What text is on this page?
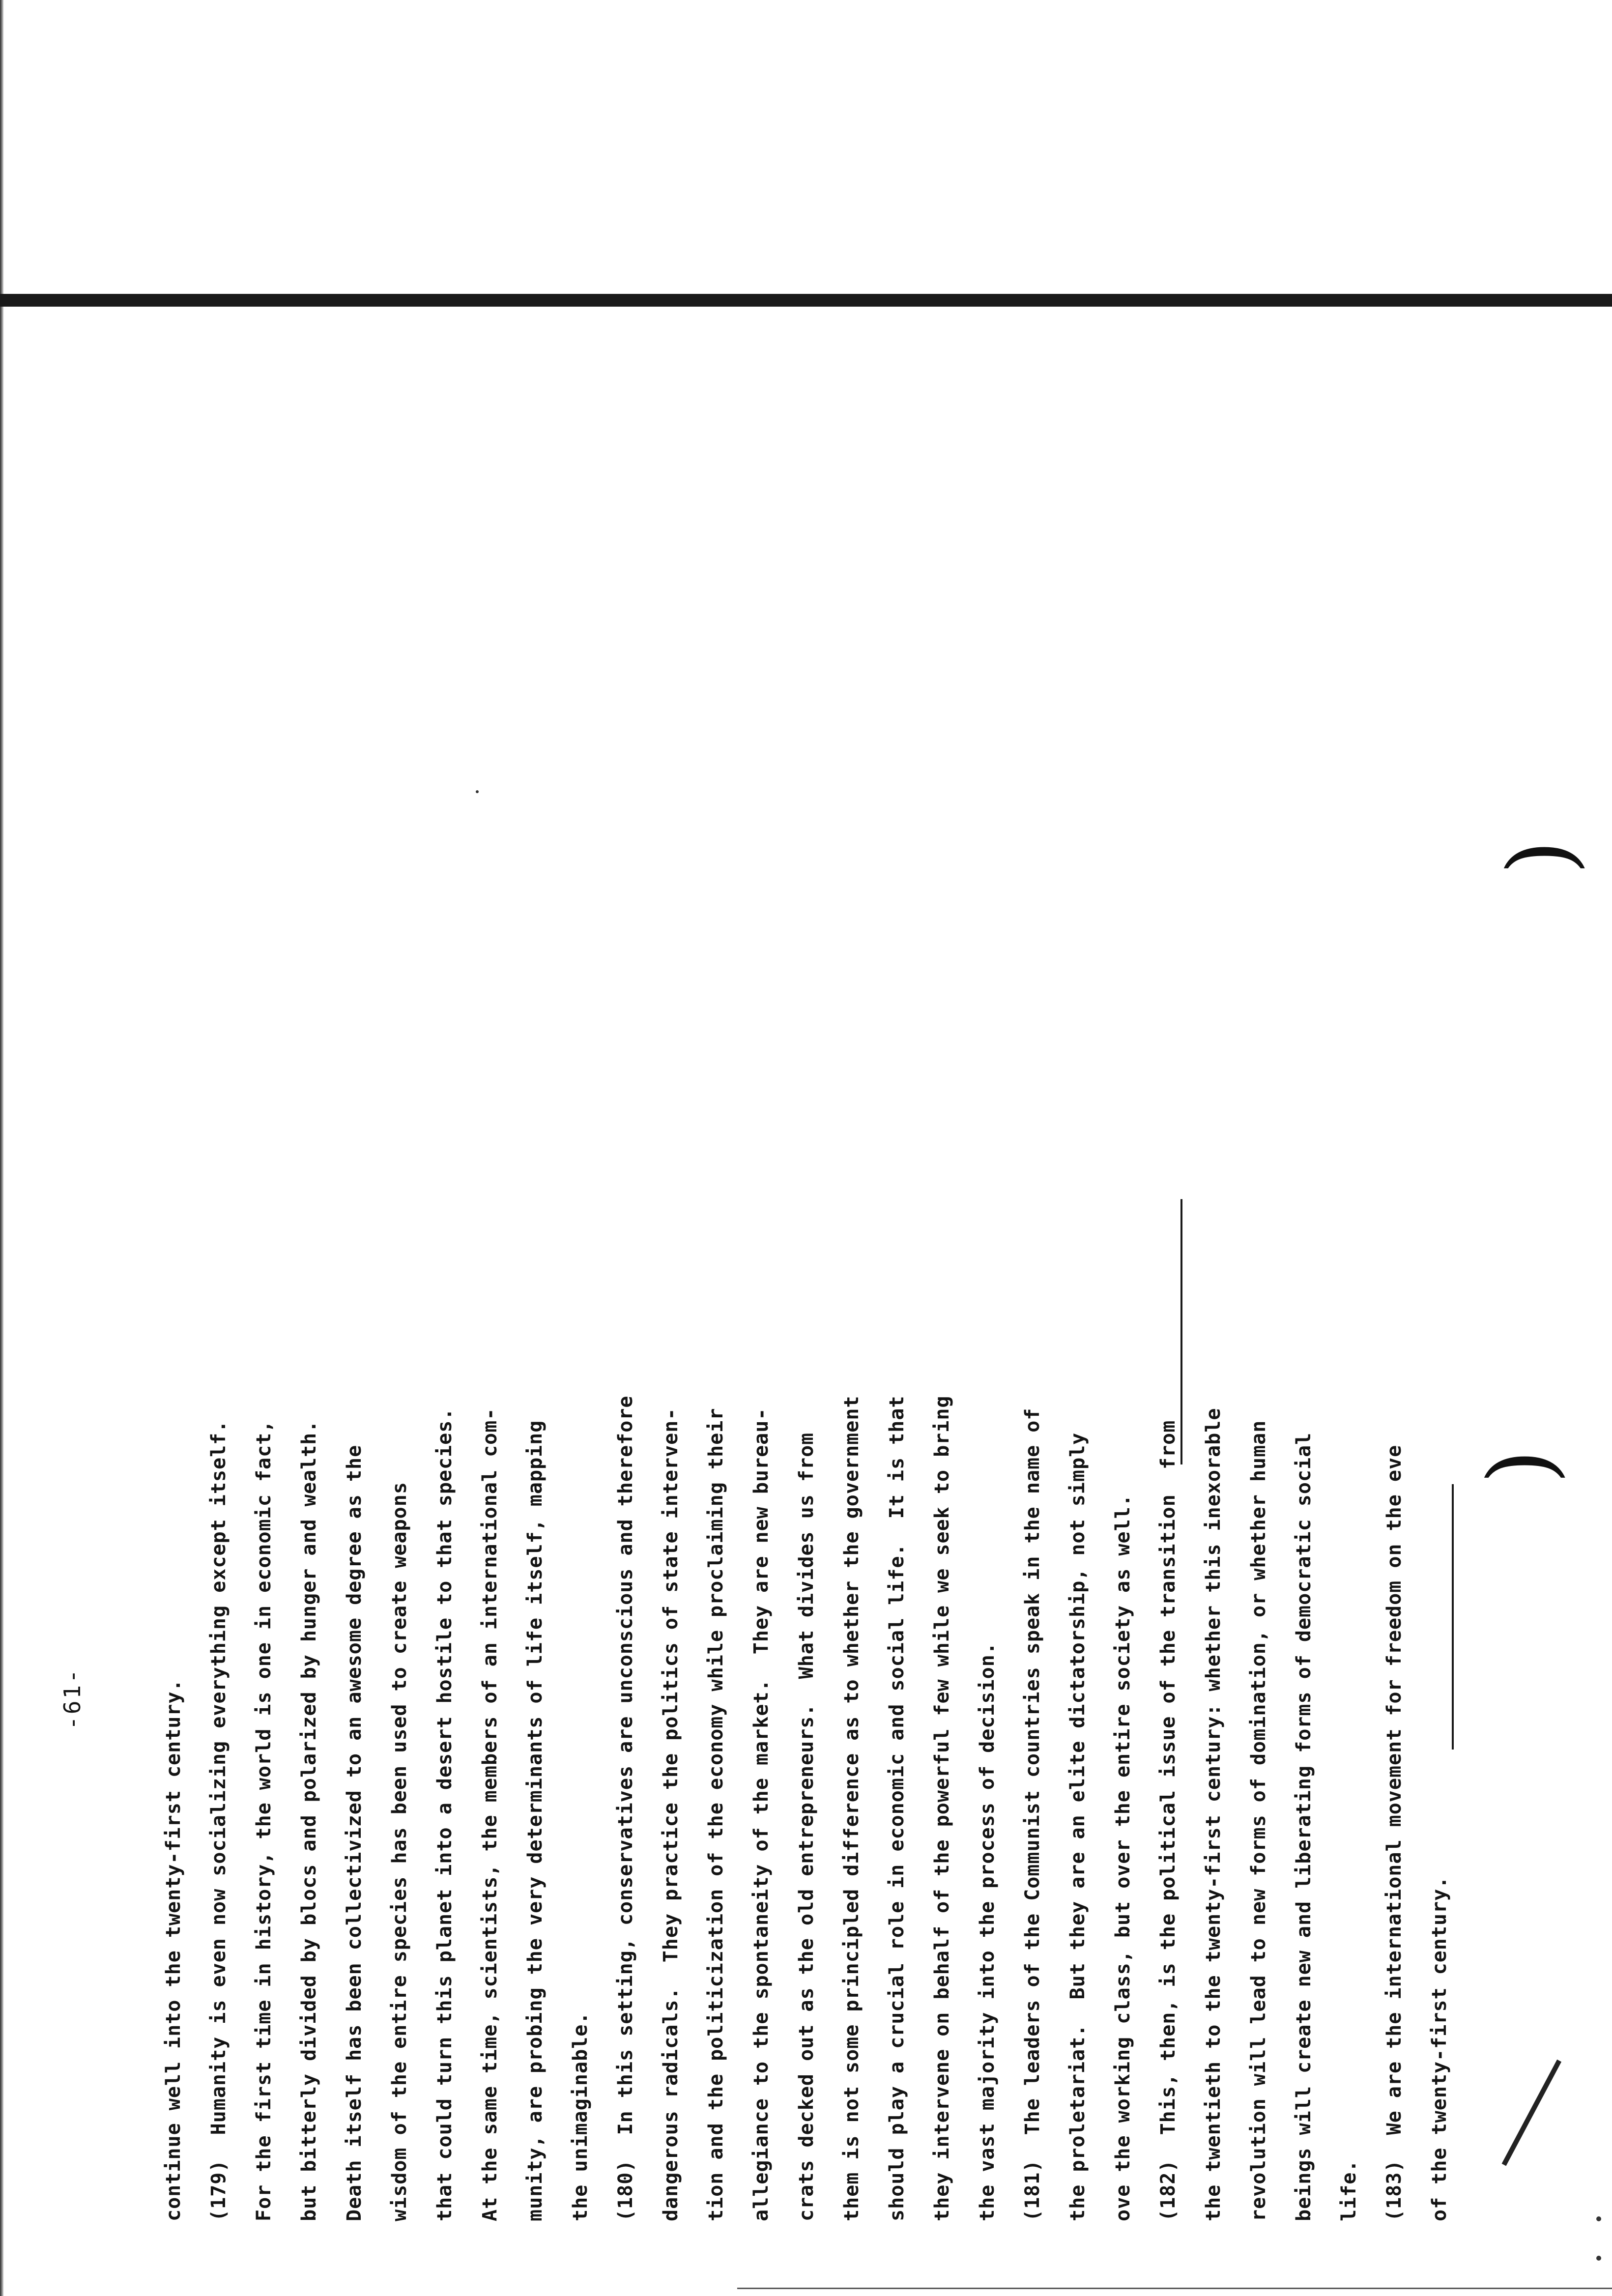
)
)
-61-	continue well into the twenty-first century. (179)  Humanity is even now socializing everything except itself. For the first time in history, the world is one in economic fact, but bitterly divided by blocs and polarized by hunger and wealth. Death itself has been collectivized to an awesome degree as the wisdom of the entire species has been used to create weapons that could turn this planet into a desert hostile to that species. At the same time, scientists, the members of an international com- munity, are probing the very determinants of life itself, mapping the unimaginable. (180)  In this setting, conservatives are unconscious and therefore dangerous radicals.  They practice the politics of state interven- tion and the politicization of the economy while proclaiming their allegiance to the spontaneity of the market.  They are new bureau- crats decked out as the old entrepreneurs.  What divides us from them is not some principled difference as to whether the government should play a crucial role in economic and social life.  It is that they intervene on behalf of the powerful few while we seek to bring the vast majority into the process of decision. (181)  The leaders of the Communist countries speak in the name of the proletariat.  But they are an elite dictatorship, not simply ove the working class, but over the entire society as well. (182)  This, then, is the political issue of the transition  from the twentieth to the twenty-first century: whether this inexorable revolution will lead to new forms of domination, or whether human beings will create new and liberating forms of democratic social life. (183)  We are the international movement for freedom on the eve of the twenty-first century.
